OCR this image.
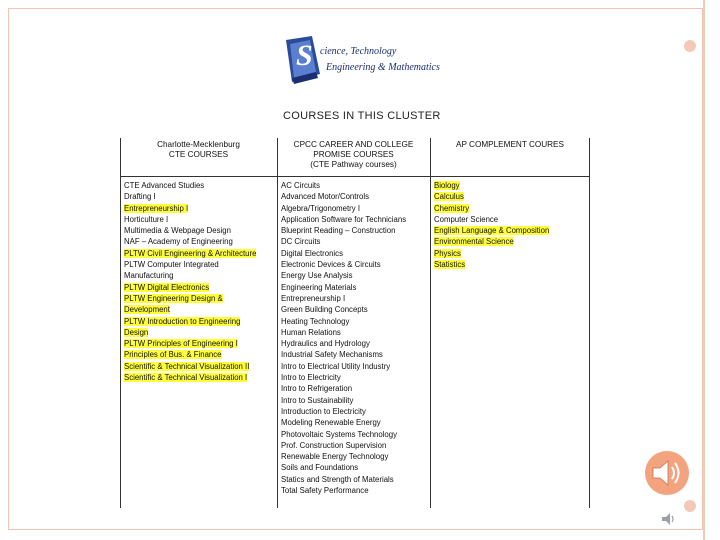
S cience, Technology
Engineering & Mathematics
COURSES IN THIS CLUSTER
Charlotte-Mecklenburg
CTE COURSES
CPCC CAREER AND COLLEGE
PROMISE COURSES
(CTE Pathway courses)
AP COMPLEMENT COURES
CTE Advanced Studies
Drafting I
Entrepreneurship I
Horticulture I
Multimedia & Webpage Design
NAF – Academy of Engineering
PLTW Civil Engineering & Architecture
PLTW Computer Integrated
Manufacturing
PLTW Digital Electronics
PLTW Engineering Design &
Development
PLTW Introduction to Engineering
Design
PLTW Principles of Engineering I
Principles of Bus. & Finance
Scientific & Technical Visualization II
Scientific & Technical Visualization I
AC Circuits
Advanced Motor/Controls
Algebra/Trigonometry I
Application Software for Technicians
Blueprint Reading – Construction
DC Circuits
Digital Electronics
Electronic Devices & Circuits
Energy Use Analysis
Engineering Materials
Entrepreneurship I
Green Building Concepts
Heating Technology
Human Relations
Hydraulics and Hydrology
Industrial Safety Mechanisms
Intro to Electrical Utility Industry
Intro to Electricity
Intro to Refrigeration
Intro to Sustainability
Introduction to Electricity
Modeling Renewable Energy
Photovoltaic Systems Technology
Prof. Construction Supervision
Renewable Energy Technology
Soils and Foundations
Statics and Strength of Materials
Total Safety Performance
Biology
Calculus
Chemistry
Computer Science
English Language & Composition
Environmental Science
Physics
Statistics
